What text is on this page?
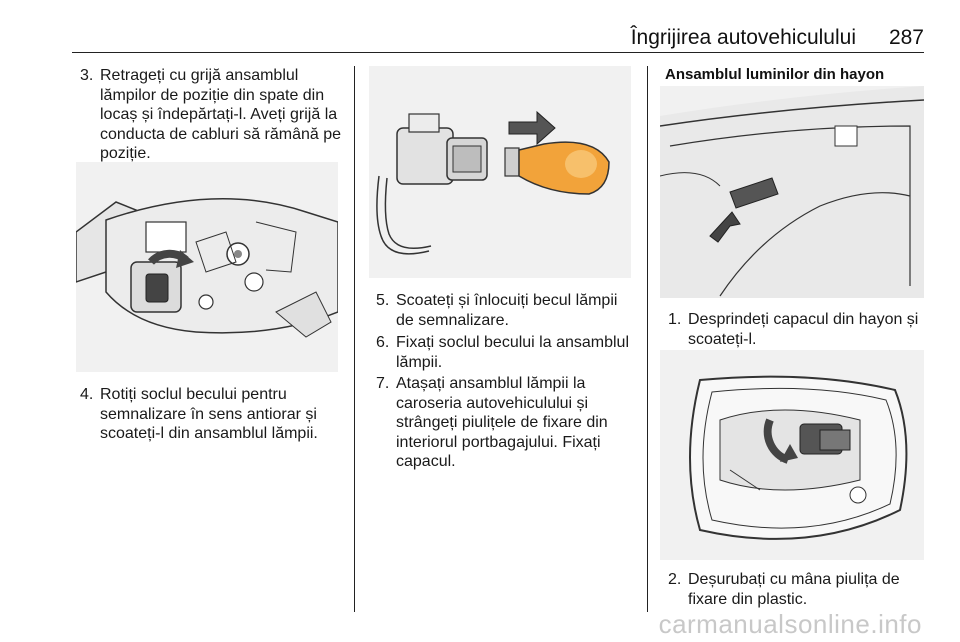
Îngrijirea autovehiculului 287
3. Retrageți cu grijă ansamblul lămpilor de poziție din spate din locaș și îndepărtați-l. Aveți grijă la conducta de cabluri să rămână pe poziție.
4. Rotiți soclul becului pentru semnalizare în sens antiorar și scoateți-l din ansamblul lămpii.
5. Scoateți și înlocuiți becul lămpii de semnalizare.
6. Fixați soclul becului la ansamblul lămpii.
7. Atașați ansamblul lămpii la caroseria autovehiculului și strângeți piulițele de fixare din interiorul portbagajului. Fixați capacul.
Ansamblul luminilor din hayon
1. Desprindeți capacul din hayon și scoateți-l.
2. Deșurubați cu mâna piulița de fixare din plastic.
carmanualsonline.info
